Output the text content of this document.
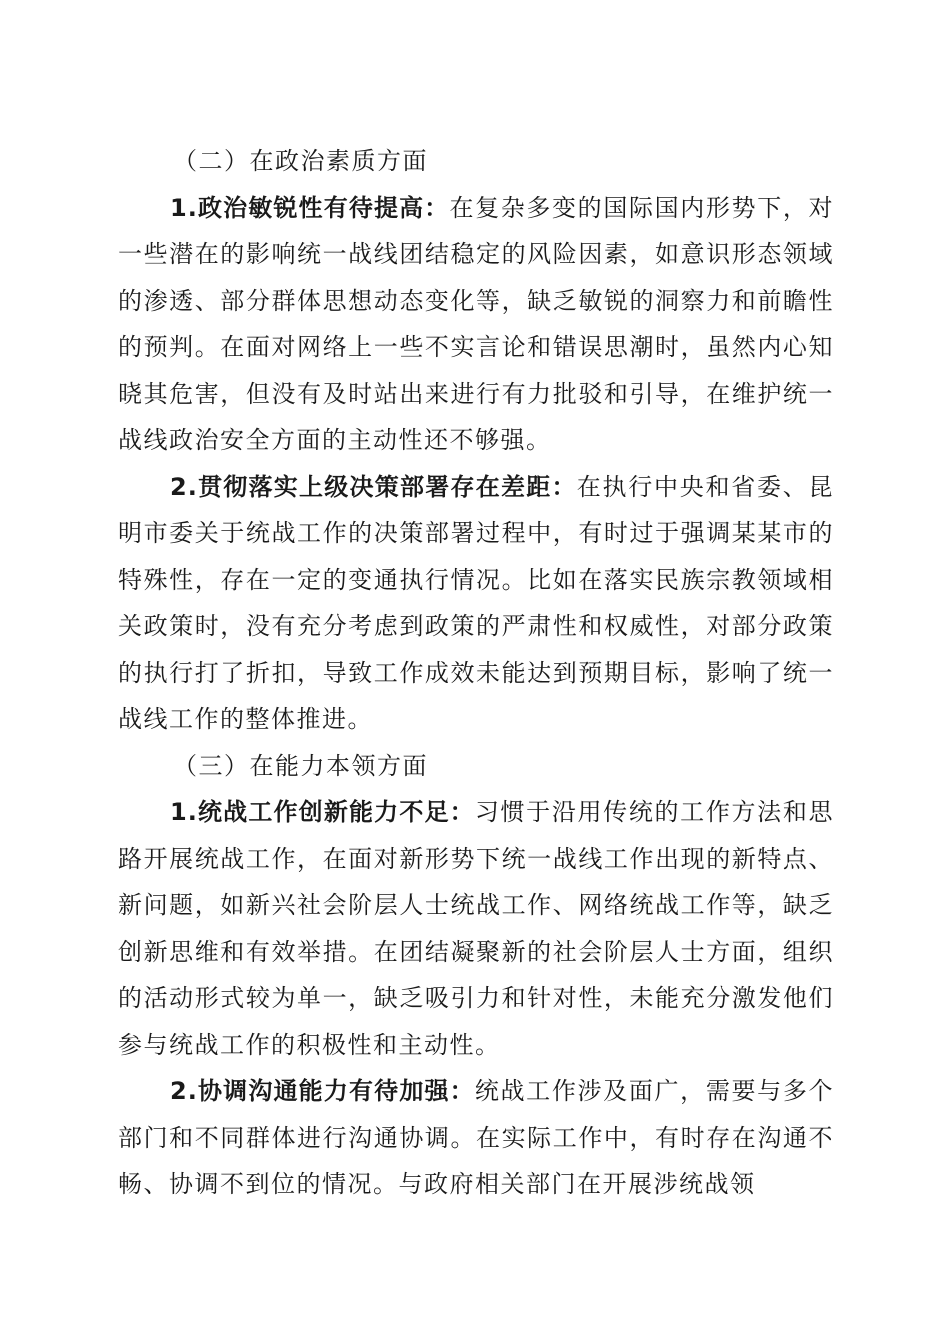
（二）在政治素质方面

1.政治敏锐性有待提高：在复杂多变的国际国内形势下，对一些潜在的影响统一战线团结稳定的风险因素，如意识形态领域的渗透、部分群体思想动态变化等，缺乏敏锐的洞察力和前瞻性的预判。在面对网络上一些不实言论和错误思潮时，虽然内心知晓其危害，但没有及时站出来进行有力批驳和引导，在维护统一战线政治安全方面的主动性还不够强。

2.贯彻落实上级决策部署存在差距：在执行中央和省委、昆明市委关于统战工作的决策部署过程中，有时过于强调某某市的特殊性，存在一定的变通执行情况。比如在落实民族宗教领域相关政策时，没有充分考虑到政策的严肃性和权威性，对部分政策的执行打了折扣，导致工作成效未能达到预期目标，影响了统一战线工作的整体推进。

（三）在能力本领方面

1.统战工作创新能力不足：习惯于沿用传统的工作方法和思路开展统战工作，在面对新形势下统一战线工作出现的新特点、新问题，如新兴社会阶层人士统战工作、网络统战工作等，缺乏创新思维和有效举措。在团结凝聚新的社会阶层人士方面，组织的活动形式较为单一，缺乏吸引力和针对性，未能充分激发他们参与统战工作的积极性和主动性。

2.协调沟通能力有待加强：统战工作涉及面广，需要与多个部门和不同群体进行沟通协调。在实际工作中，有时存在沟通不畅、协调不到位的情况。与政府相关部门在开展涉统战领
